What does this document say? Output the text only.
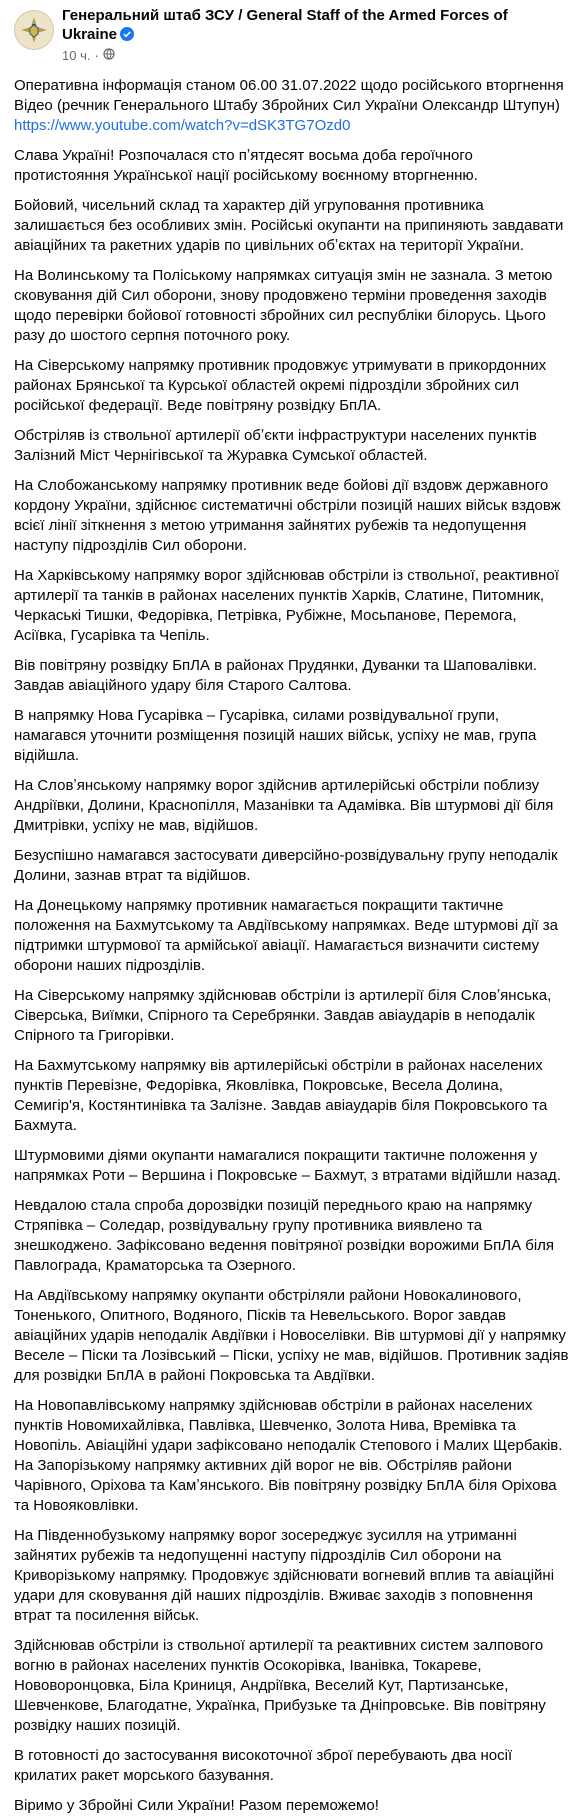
Генеральний штаб ЗСУ / General Staff of the Armed Forces of Ukraine
10 ч. ·

Оперативна інформація станом 06.00 31.07.2022 щодо російського вторгнення Відео (речник Генерального Штабу Збройних Сил України Олександр Штупун)
https://www.youtube.com/watch?v=dSK3TG7Ozd0

Слава Україні! Розпочалася сто пʼятдесят восьма доба героїчного протистояння Української нації російському воєнному вторгненню.

Бойовий, чисельний склад та характер дій угруповання противника залишається без особливих змін. Російські окупанти на припиняють завдавати авіаційних та ракетних ударів по цивільних обʼєктах на території України.

На Волинському та Поліському напрямках ситуація змін не зазнала. З метою сковування дій Сил оборони, знову продовжено терміни проведення заходів щодо перевірки бойової готовності збройних сил республіки білорусь. Цього разу до шостого серпня поточного року.

На Сіверському напрямку противник продовжує утримувати в прикордонних районах Брянської та Курської областей окремі підрозділи збройних сил російської федерації. Веде повітряну розвідку БпЛА.

Обстріляв із ствольної артилерії обʼєкти інфраструктури населених пунктів Залізний Міст Чернігівської та Журавка Сумської областей.

На Слобожанському напрямку противник веде бойові дії вздовж державного кордону України, здійснює систематичні обстріли позицій наших військ вздовж всієї лінії зіткнення з метою утримання зайнятих рубежів та недопущення наступу підрозділів Сил оборони.

На Харківському напрямку ворог здійснював обстріли із ствольної, реактивної артилерії та танків в районах населених пунктів Харків, Слатине, Питомник, Черкаські Тишки, Федорівка, Петрівка, Рубіжне, Мосьпанове, Перемога, Асіївка, Гусарівка та Чепіль.

Вів повітряну розвідку БпЛА в районах Прудянки, Дуванки та Шаповалівки. Завдав авіаційного удару біля Старого Салтова.

В напрямку Нова Гусарівка – Гусарівка, силами розвідувальної групи, намагався уточнити розміщення позицій наших військ, успіху не мав, група відійшла.

На Словʼянському напрямку ворог здійснив артилерійські обстріли поблизу Андріївки, Долини, Краснопілля, Мазанівки та Адамівка. Вів штурмові дії біля Дмитрівки, успіху не мав, відійшов.

Безуспішно намагався застосувати диверсійно-розвідувальну групу неподалік Долини, зазнав втрат та відійшов.

На Донецькому напрямку противник намагається покращити тактичне положення на Бахмутському та Авдіївському напрямках. Веде штурмові дії за підтримки штурмової та армійської авіації. Намагається визначити систему оборони наших підрозділів.

На Сіверському напрямку здійснював обстріли із артилерії біля Словʼянська, Сіверська, Виїмки, Спірного та Серебрянки. Завдав авіаударів в неподалік Спірного та Григорівки.

На Бахмутському напрямку вів артилерійські обстріли в районах населених пунктів Перевізне, Федорівка, Яковлівка, Покровське, Весела Долина, Семигір'я, Костянтинівка та Залізне. Завдав авіаударів біля Покровського та Бахмута.

Штурмовими діями окупанти намагалися покращити тактичне положення у напрямках Роти – Вершина і Покровське – Бахмут, з втратами відійшли назад.

Невдалою стала спроба дорозвідки позицій переднього краю на напрямку Стряпівка – Соледар, розвідувальну групу противника виявлено та знешкоджено. Зафіксовано ведення повітряної розвідки ворожими БпЛА біля Павлограда, Краматорська та Озерного.

На Авдіївському напрямку окупанти обстріляли райони Новокалинового, Тоненького, Опитного, Водяного, Пісків та Невельського. Ворог завдав авіаційних ударів неподалік Авдіївки і Новоселівки. Вів штурмові дії у напрямку Веселе – Піски та Лозівський – Піски, успіху не мав, відійшов. Противник задіяв для розвідки БпЛА в районі Покровська та Авдіївки.

На Новопавлівському напрямку здійснював обстріли в районах населених пунктів Новомихайлівка, Павлівка, Шевченко, Золота Нива, Времівка та Новопіль. Авіаційні удари зафіксовано неподалік Степового і Малих Щербаків.

На Запорізькому напрямку активних дій ворог не вів. Обстріляв райони Чарівного, Оріхова та Камʼянського. Вів повітряну розвідку БпЛА біля Оріхова та Новояковлівки.

На Південнобузькому напрямку ворог зосереджує зусилля на утриманні зайнятих рубежів та недопущенні наступу підрозділів Сил оборони на Криворізькому напрямку. Продовжує здійснювати вогневий вплив та авіаційні удари для сковування дій наших підрозділів. Вживає заходів з поповнення втрат та посилення військ.

Здійснював обстріли із ствольної артилерії та реактивних систем залпового вогню в районах населених пунктів Осокорівка, Іванівка, Токареве, Нововоронцовка, Біла Криниця, Андріївка, Веселий Кут, Партизанське, Шевченкове, Благодатне, Українка, Прибузьке та Дніпровське. Вів повітряну розвідку наших позицій.

В готовності до застосування високоточної зброї перебувають два носії крилатих ракет морського базування.

Віримо у Збройні Сили України! Разом переможемо!
